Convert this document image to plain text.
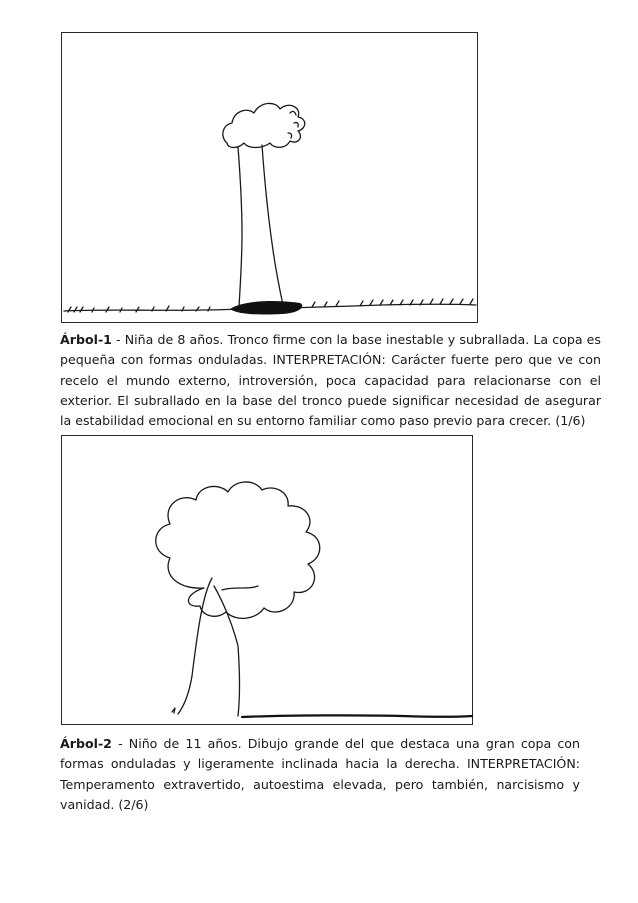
Árbol-1 - Niña de 8 años. Tronco firme con la base inestable y subrallada. La copa es pequeña con formas onduladas. INTERPRETACIÓN: Carácter fuerte pero que ve con recelo el mundo externo, introversión, poca capacidad para relacionarse con el exterior. El subrallado en la base del tronco puede significar necesidad de asegurar la estabilidad emocional en su entorno familiar como paso previo para crecer. (1/6)
Árbol-2 - Niño de 11 años. Dibujo grande del que destaca una gran copa con formas onduladas y ligeramente inclinada hacia la derecha. INTERPRETACIÓN: Temperamento extravertido, autoestima elevada, pero también, narcisismo y vanidad. (2/6)
